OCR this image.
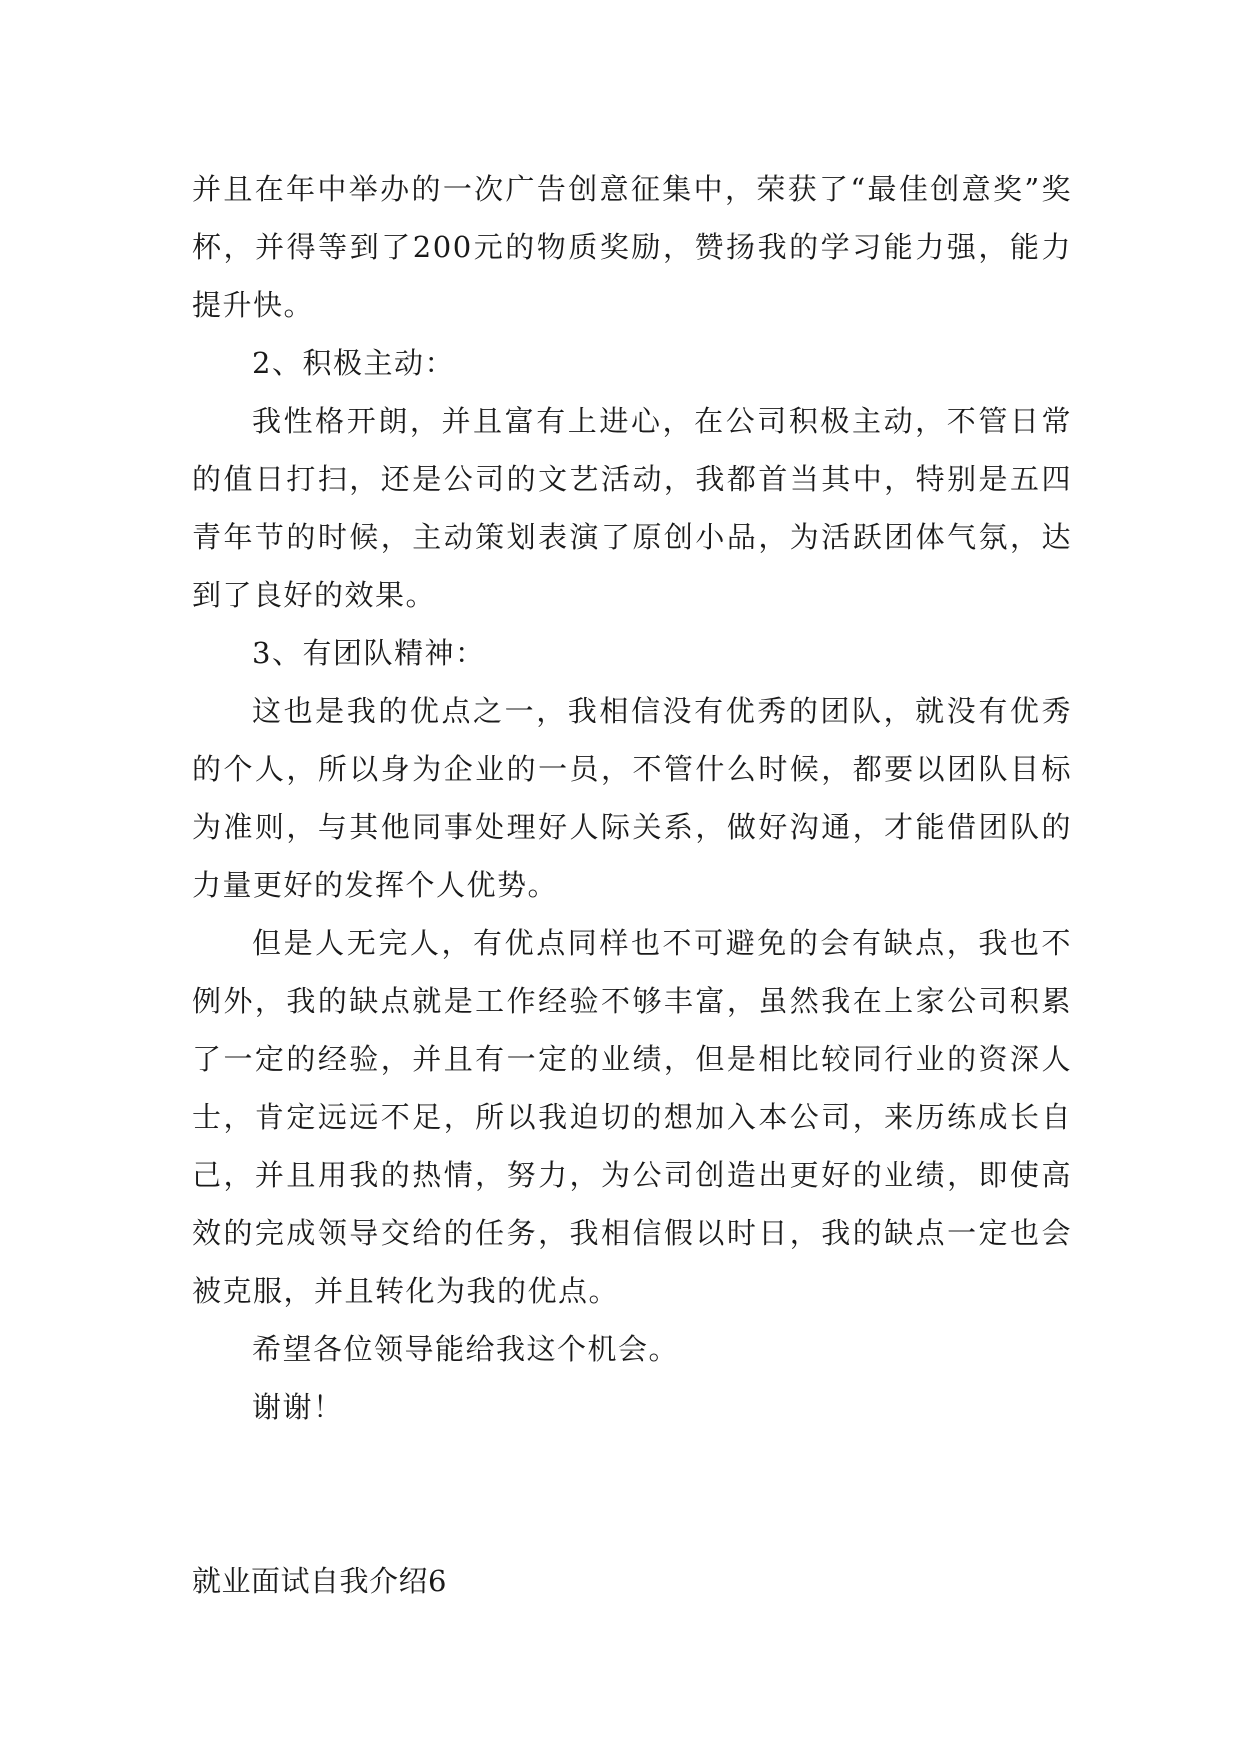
并且在年中举办的一次广告创意征集中，荣获了“最佳创意奖”奖杯，并得等到了200元的物质奖励，赞扬我的学习能力强，能力提升快。

2、积极主动：

我性格开朗，并且富有上进心，在公司积极主动，不管日常的值日打扫，还是公司的文艺活动，我都首当其中，特别是五四青年节的时候，主动策划表演了原创小品，为活跃团体气氛，达到了良好的效果。

3、有团队精神：

这也是我的优点之一，我相信没有优秀的团队，就没有优秀的个人，所以身为企业的一员，不管什么时候，都要以团队目标为准则，与其他同事处理好人际关系，做好沟通，才能借团队的力量更好的发挥个人优势。

但是人无完人，有优点同样也不可避免的会有缺点，我也不例外，我的缺点就是工作经验不够丰富，虽然我在上家公司积累了一定的经验，并且有一定的业绩，但是相比较同行业的资深人士，肯定远远不足，所以我迫切的想加入本公司，来历练成长自己，并且用我的热情，努力，为公司创造出更好的业绩，即使高效的完成领导交给的任务，我相信假以时日，我的缺点一定也会被克服，并且转化为我的优点。

希望各位领导能给我这个机会。

谢谢！

就业面试自我介绍6
